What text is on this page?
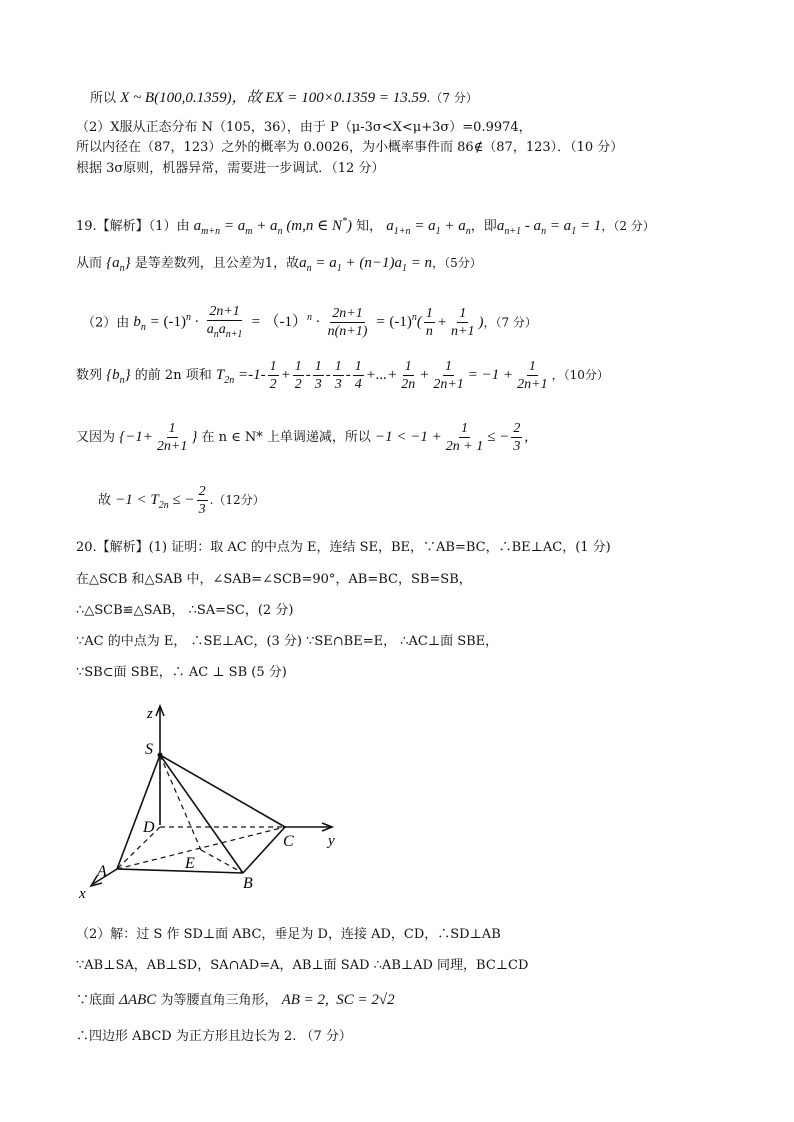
所以 X ~ B(100,0.1359)，故 EX = 100×0.1359 = 13.59.（7 分）
（2）X服从正态分布 N（105，36），由于 P（μ-3σ<X<μ+3σ）=0.9974，
所以内径在（87，123）之外的概率为 0.0026，为小概率事件而 86∉（87，123）．（10 分）
根据 3σ原则，机器异常，需要进一步调试．（12 分）
19.【解析】（1）由 $a_{m+n} = a_m + a_n$ (m,n ∈ N*) 知， $a_{1+n} = a_1 + a_n$，即$a_{n+1} - a_n = a_1 = 1$，（2 分）
从而 $\{a_n\}$ 是等差数列，且公差为1，故$a_n = a_1 + (n-1)a_1 = n$，（5分）
（2）由 $b_n = (-1)^n \cdot \frac{2n+1}{a_na_{n+1}} = (-1)^n \cdot \frac{2n+1}{n(n+1)} = (-1)^n( \frac{1}{n} + \frac{1}{n+1}$ )，（7 分）
数列 $\{b_n\}$ 的前 2n 项和 $T_{2n} =-1- \frac{1}{2} + \frac{1}{2} - \frac{1}{3} - \frac{1}{3} - \frac{1}{4}$ +...+ $\frac{1}{2n} + \frac{1}{2n+1} = -1 + \frac{1}{2n+1}$ ，（10分）
又因为 {$-1+ \frac{1}{2n+1}$ } 在 n ∈ N* 上单调递减，所以 $-1 < -1 + \frac{1}{2n + 1}$ ≤ − $\frac{2}{3}$ ,
故 $-1 < T_{2n}$ ≤ − $\frac{2}{3} .(12$分）
20.【解析】(1) 证明：取 AC 的中点为 E，连结 SE，BE，∵AB=BC，∴BE⊥AC，(1 分)
在△SCB 和△SAB 中，∠SAB=∠SCB=90°，AB=BC，SB=SB，
∴△SCB≌△SAB， ∴SA=SC，(2 分)
∵AC 的中点为 E， ∴SE⊥AC，(3 分) ∵SE∩BE=E， ∴AC⊥面 SBE，
∵SB⊂面 SBE，∴ AC ⊥ SB (5 分)
z
y
x
S
D
C
A	E
B
（2）解：过 S 作 SD⊥面 ABC，垂足为 D，连接 AD，CD，∴SD⊥AB
∵AB⊥SA，AB⊥SD，SA∩AD=A，AB⊥面 SAD ∴AB⊥AD 同理，BC⊥CD
∵底面 ΔABC 为等腰直角三角形， AB = 2,  SC = 2√2
∴四边形 ABCD 为正方形且边长为 2. （7 分）
